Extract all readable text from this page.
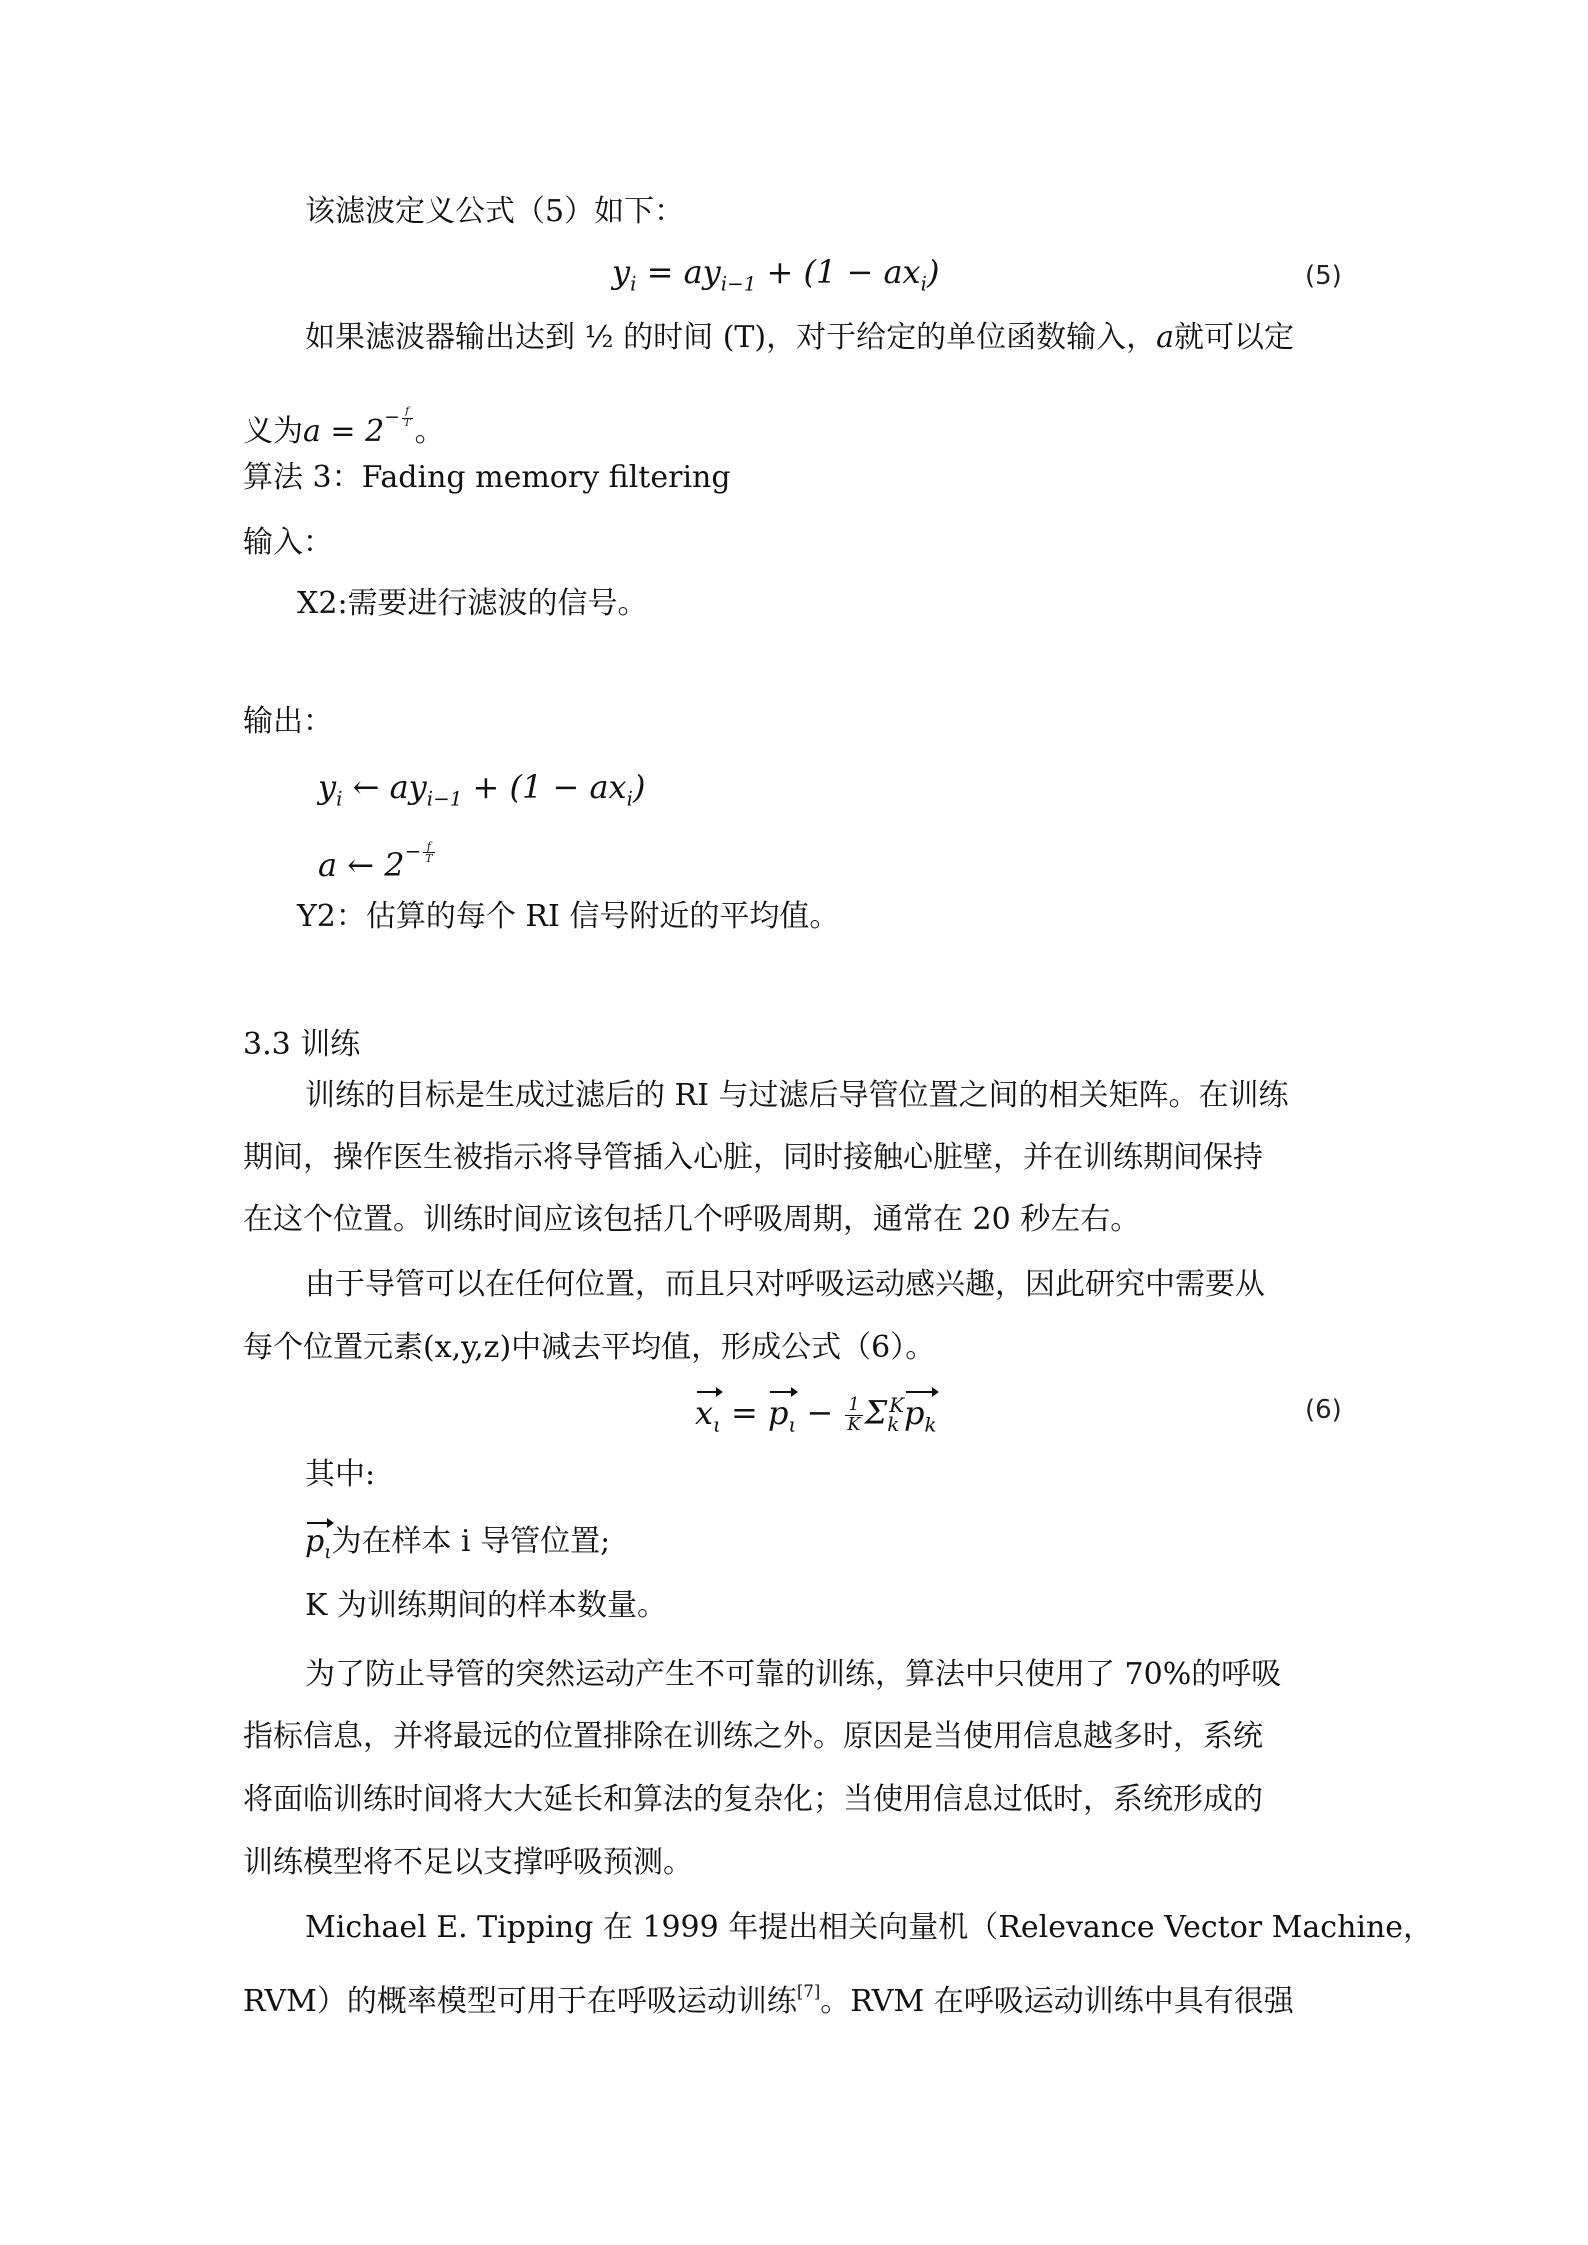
该滤波定义公式（5）如下：
$y_i = ay_{i-1} + (1 - ax_i)$	(5)
如果滤波器输出达到 ½ 的时间 (T)，对于给定的单位函数输入，a就可以定
义为$a = 2- \frac{f}{T}$ 。
算法 3：Fading memory filtering
输入：
X2:需要进行滤波的信号。
输出：
$y_i$ ← $ay_{i-1} + (1 - ax_i)$
a ← $2- \frac{f}{T}$
Y2：估算的每个 RI 信号附近的平均值。
3.3 训练
训练的目标是生成过滤后的 RI 与过滤后导管位置之间的相关矩阵。在训练
期间，操作医生被指示将导管插入心脏，同时接触心脏壁，并在训练期间保持
在这个位置。训练时间应该包括几个呼吸周期，通常在 20 秒左右。
由于导管可以在任何位置，而且只对呼吸运动感兴趣，因此研究中需要从
每个位置元素(x,y,z)中减去平均值，形成公式（6）。
$x_\iota = p_\iota - \frac{1}{K} \Sigma_k^Kp_k$	(6)
其中:
$p_\iota$为在样本 i 导管位置;
K 为训练期间的样本数量。
为了防止导管的突然运动产生不可靠的训练，算法中只使用了 70%的呼吸
指标信息，并将最远的位置排除在训练之外。原因是当使用信息越多时，系统
将面临训练时间将大大延长和算法的复杂化；当使用信息过低时，系统形成的
训练模型将不足以支撑呼吸预测。
Michael E. Tipping 在 1999 年提出相关向量机（Relevance Vector Machine，
RVM）的概率模型可用于在呼吸运动训练[7]。RVM 在呼吸运动训练中具有很强
